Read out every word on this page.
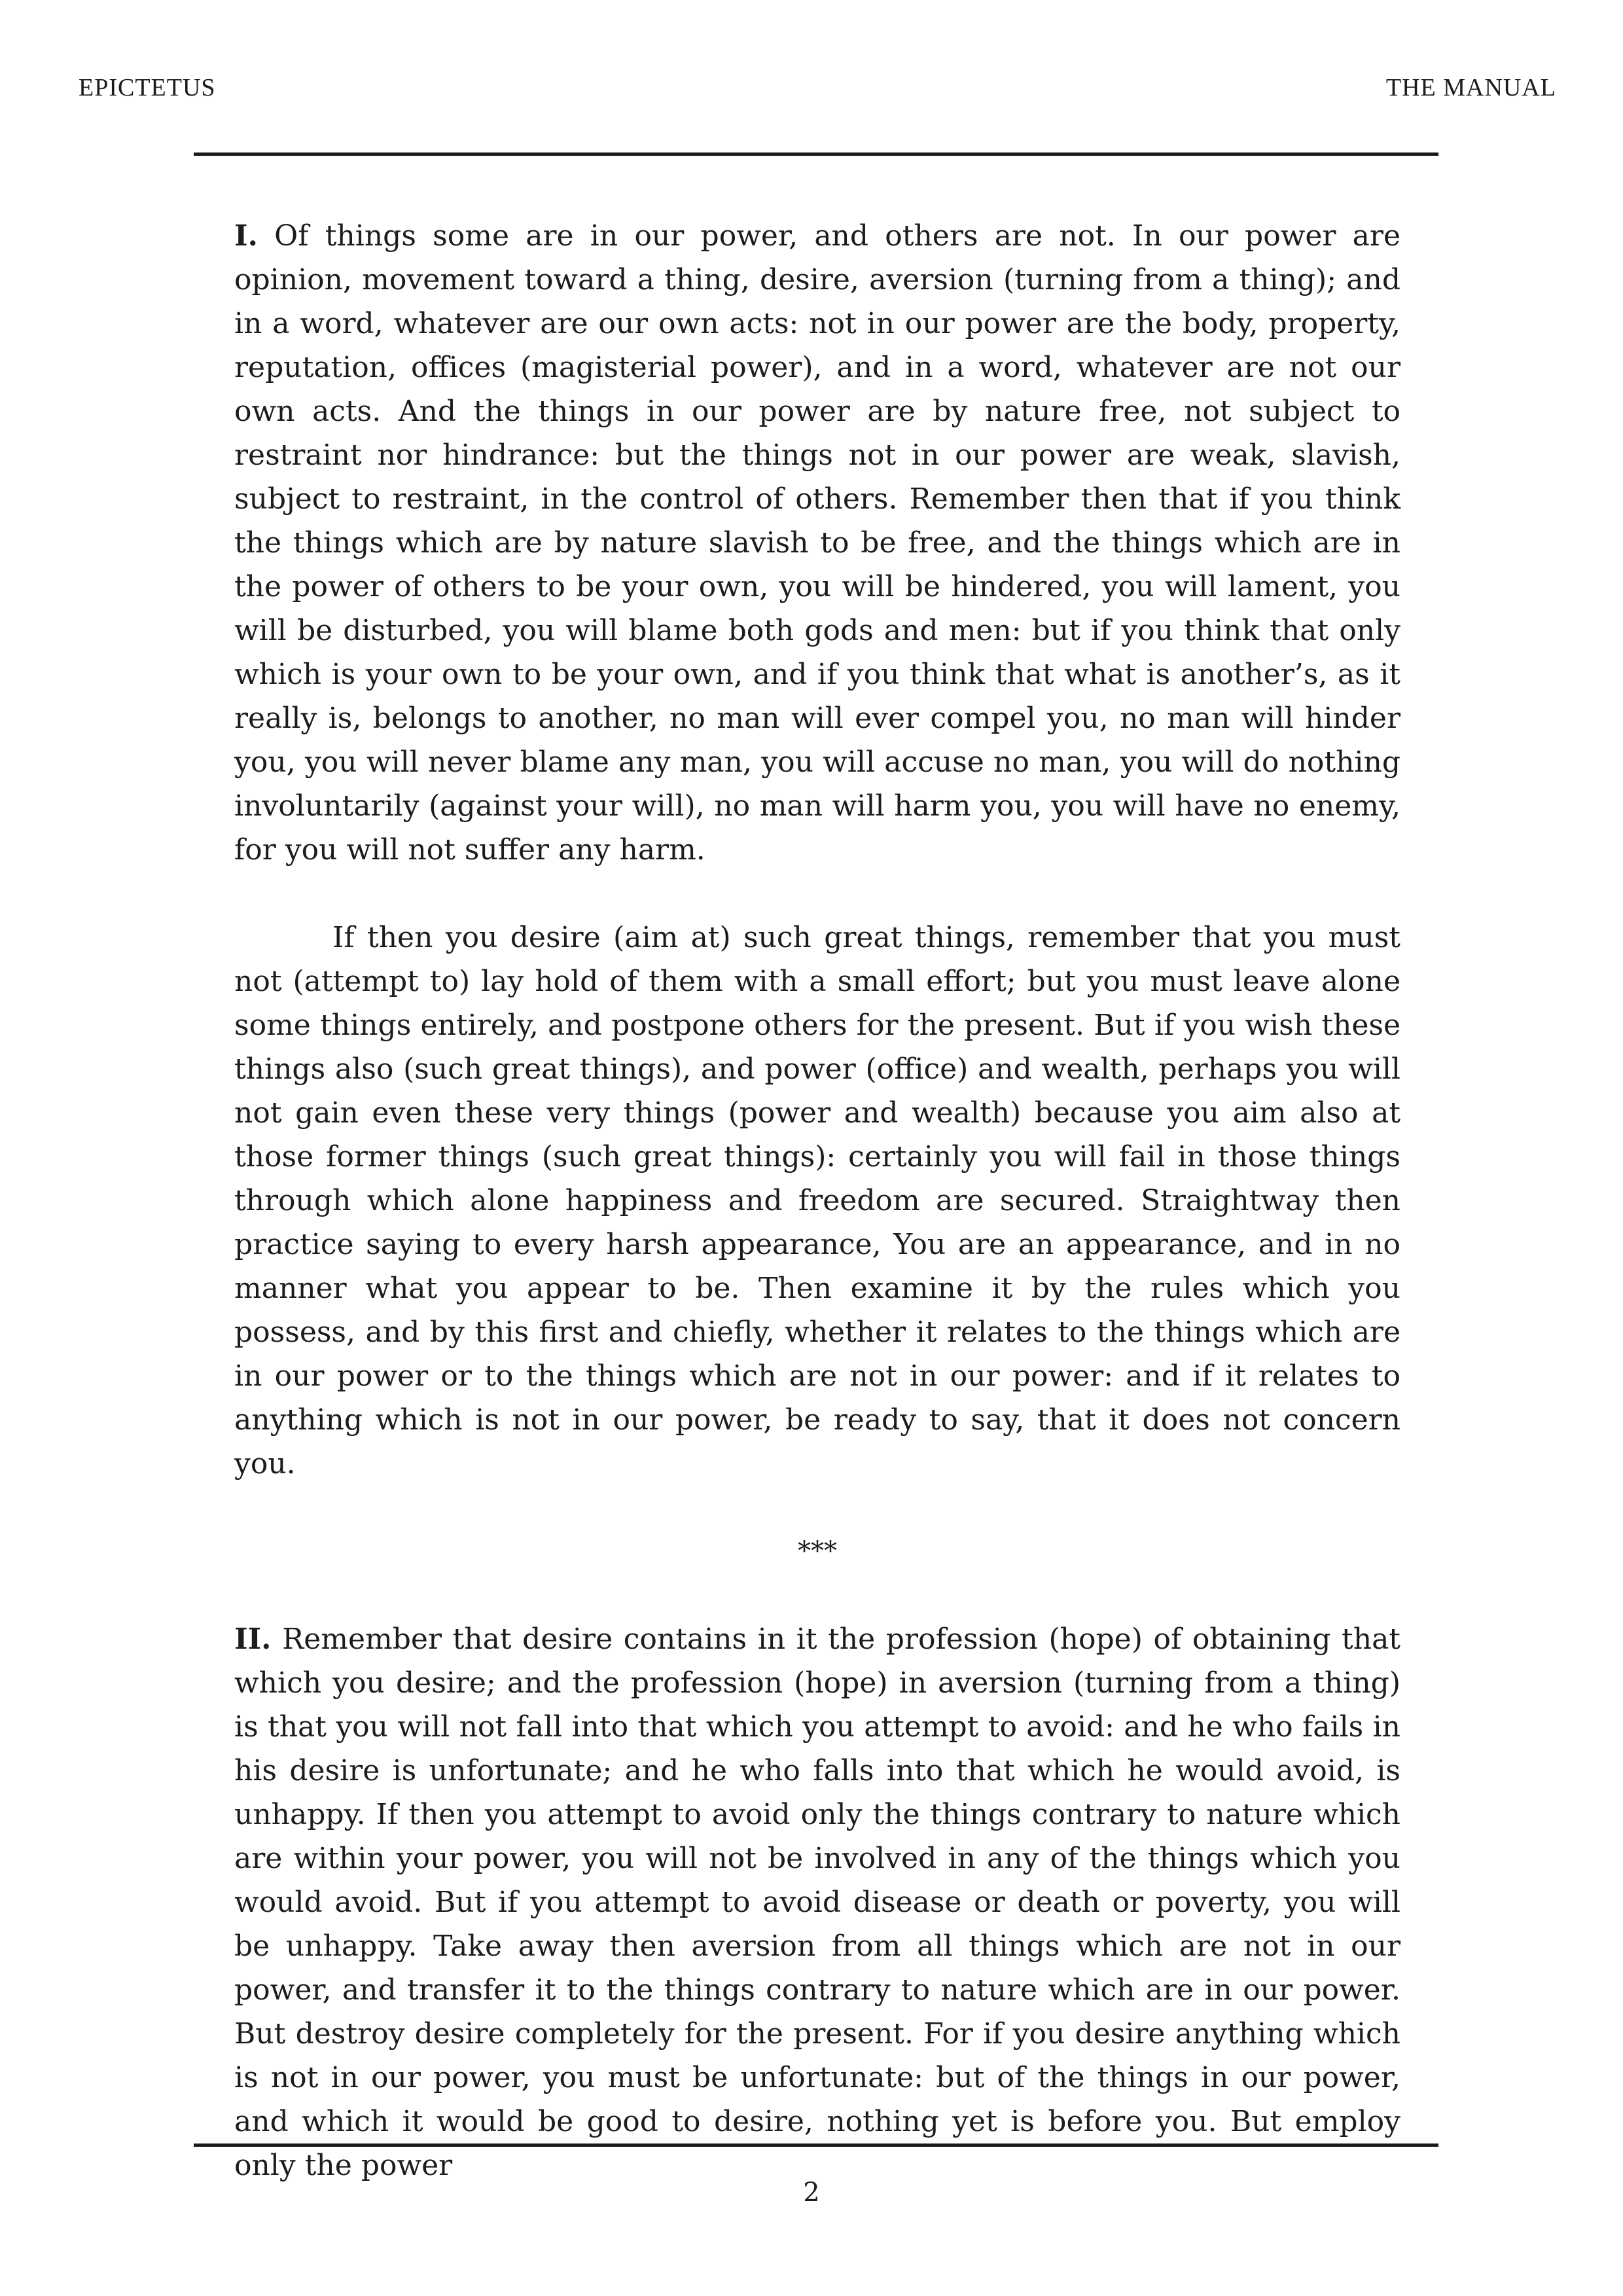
EPICTETUS	THE MANUAL

I. Of things some are in our power, and others are not. In our power are opinion, movement toward a thing, desire, aversion (turning from a thing); and in a word, whatever are our own acts: not in our power are the body, property, reputation, offices (magisterial power), and in a word, whatever are not our own acts. And the things in our power are by nature free, not subject to restraint nor hindrance: but the things not in our power are weak, slavish, subject to restraint, in the control of others. Remember then that if you think the things which are by nature slavish to be free, and the things which are in the power of others to be your own, you will be hindered, you will lament, you will be disturbed, you will blame both gods and men: but if you think that only which is your own to be your own, and if you think that what is another’s, as it really is, belongs to another, no man will ever compel you, no man will hinder you, you will never blame any man, you will accuse no man, you will do nothing involuntarily (against your will), no man will harm you, you will have no enemy, for you will not suffer any harm.

If then you desire (aim at) such great things, remember that you must not (attempt to) lay hold of them with a small effort; but you must leave alone some things entirely, and postpone others for the present. But if you wish these things also (such great things), and power (office) and wealth, perhaps you will not gain even these very things (power and wealth) because you aim also at those former things (such great things): certainly you will fail in those things through which alone happiness and freedom are secured. Straightway then practice saying to every harsh appearance, You are an appearance, and in no manner what you appear to be. Then examine it by the rules which you possess, and by this first and chiefly, whether it relates to the things which are in our power or to the things which are not in our power: and if it relates to anything which is not in our power, be ready to say, that it does not concern you.

***

II. Remember that desire contains in it the profession (hope) of obtaining that which you desire; and the profession (hope) in aversion (turning from a thing) is that you will not fall into that which you attempt to avoid: and he who fails in his desire is unfortunate; and he who falls into that which he would avoid, is unhappy. If then you attempt to avoid only the things contrary to nature which are within your power, you will not be involved in any of the things which you would avoid. But if you attempt to avoid disease or death or poverty, you will be unhappy. Take away then aversion from all things which are not in our power, and transfer it to the things contrary to nature which are in our power. But destroy desire completely for the present. For if you desire anything which is not in our power, you must be unfortunate: but of the things in our power, and which it would be good to desire, nothing yet is before you. But employ only the power

2
